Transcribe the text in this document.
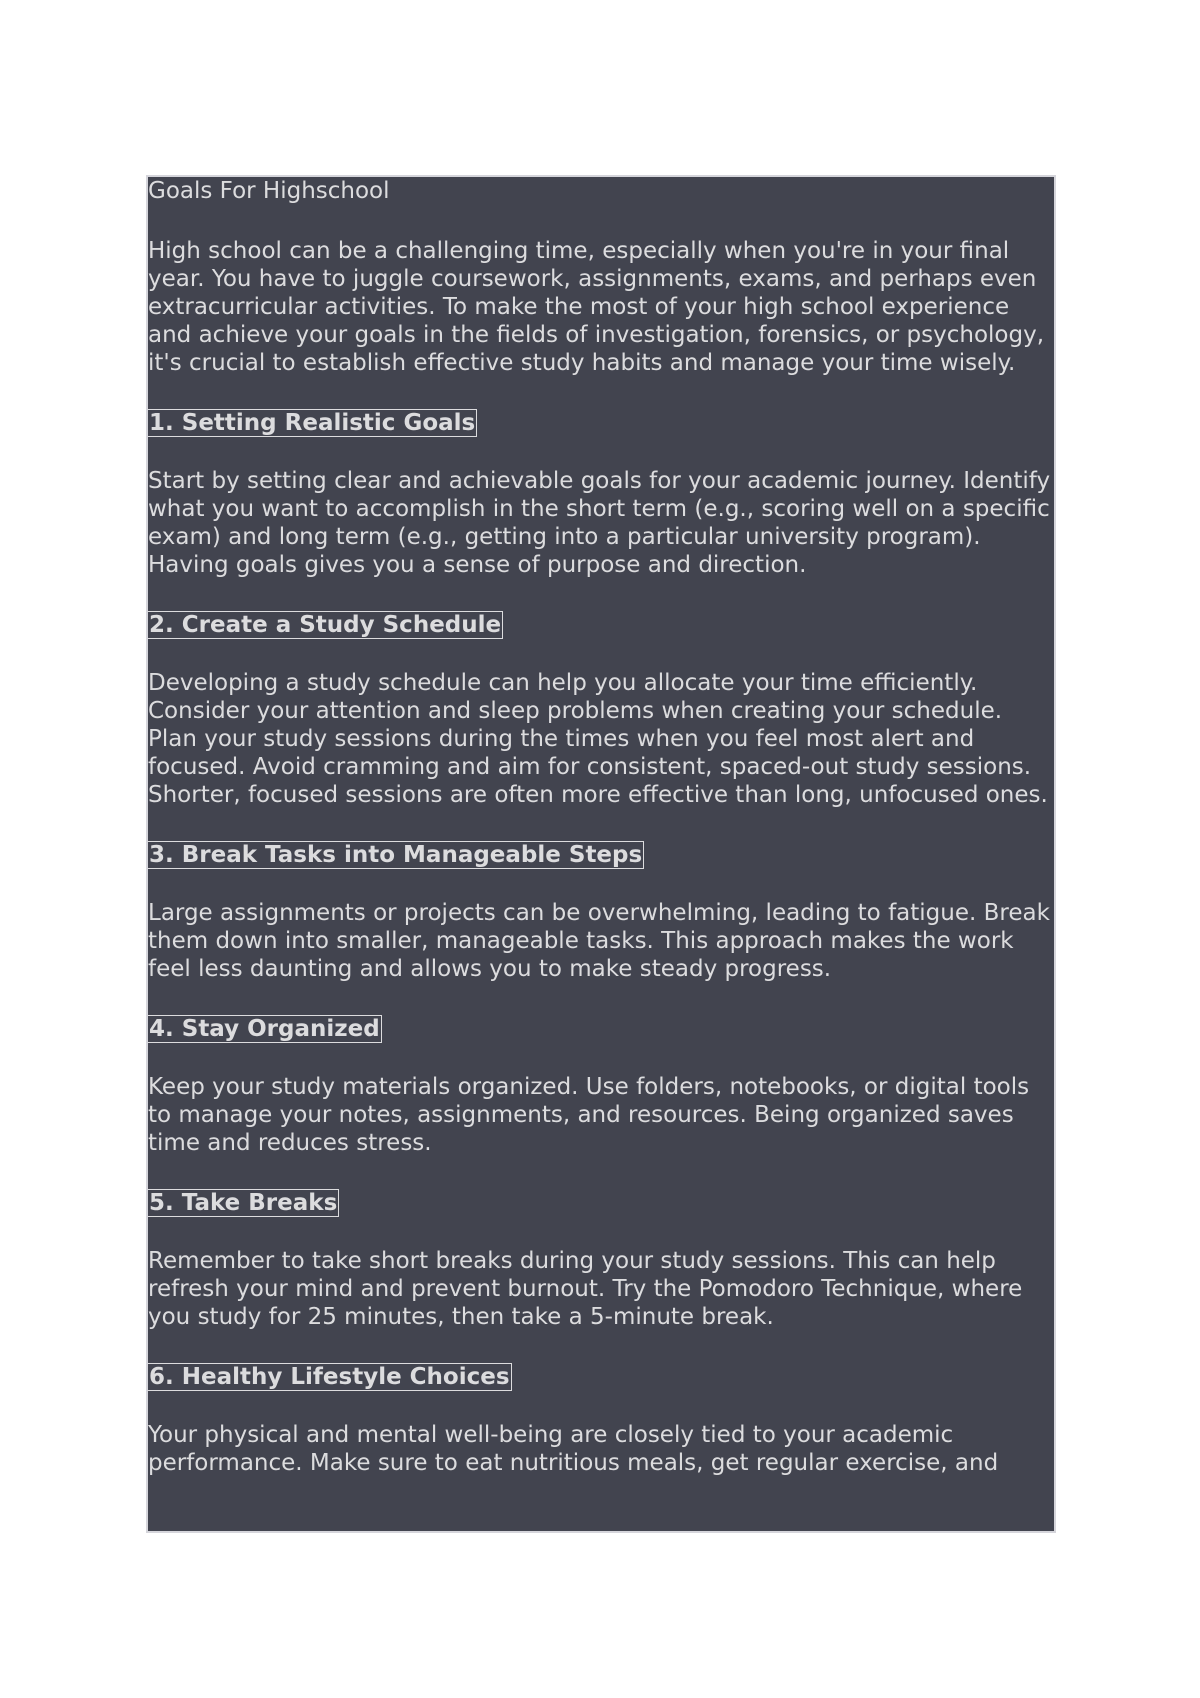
Goals For Highschool

High school can be a challenging time, especially when you're in your final year. You have to juggle coursework, assignments, exams, and perhaps even extracurricular activities. To make the most of your high school experience and achieve your goals in the fields of investigation, forensics, or psychology, it's crucial to establish effective study habits and manage your time wisely.

1. Setting Realistic Goals

Start by setting clear and achievable goals for your academic journey. Identify what you want to accomplish in the short term (e.g., scoring well on a specific exam) and long term (e.g., getting into a particular university program). Having goals gives you a sense of purpose and direction.

2. Create a Study Schedule

Developing a study schedule can help you allocate your time efficiently. Consider your attention and sleep problems when creating your schedule. Plan your study sessions during the times when you feel most alert and focused. Avoid cramming and aim for consistent, spaced-out study sessions. Shorter, focused sessions are often more effective than long, unfocused ones.

3. Break Tasks into Manageable Steps

Large assignments or projects can be overwhelming, leading to fatigue. Break them down into smaller, manageable tasks. This approach makes the work feel less daunting and allows you to make steady progress.

4. Stay Organized

Keep your study materials organized. Use folders, notebooks, or digital tools to manage your notes, assignments, and resources. Being organized saves time and reduces stress.

5. Take Breaks

Remember to take short breaks during your study sessions. This can help refresh your mind and prevent burnout. Try the Pomodoro Technique, where you study for 25 minutes, then take a 5-minute break.

6. Healthy Lifestyle Choices

Your physical and mental well-being are closely tied to your academic performance. Make sure to eat nutritious meals, get regular exercise, and
